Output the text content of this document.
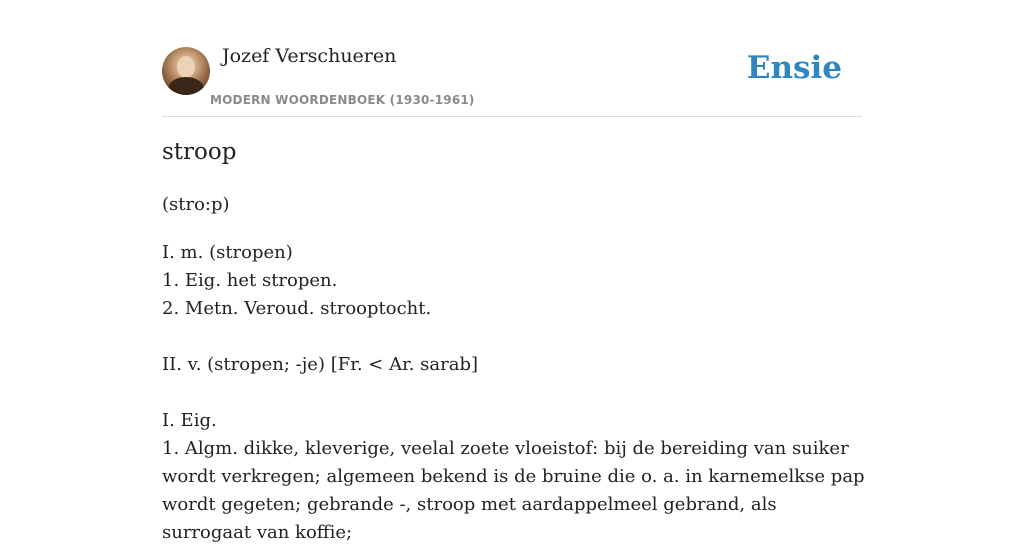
Jozef Verschueren
MODERN WOORDENBOEK (1930-1961)
Ensie
stroop
(stro:p)

I. m. (stropen)

1. Eig. het stropen.

2. Metn. Veroud. strooptocht.

II. v. (stropen; -je) [Fr. < Ar. sarab]

I. Eig.

1. Algm. dikke, kleverige, veelal zoete vloeistof: bij de bereiding van suiker wordt verkregen; algemeen bekend is de bruine die o. a. in karnemelkse pap wordt gegeten; gebrande -, stroop met aardappelmeel gebrand, als surrogaat van koffie;
